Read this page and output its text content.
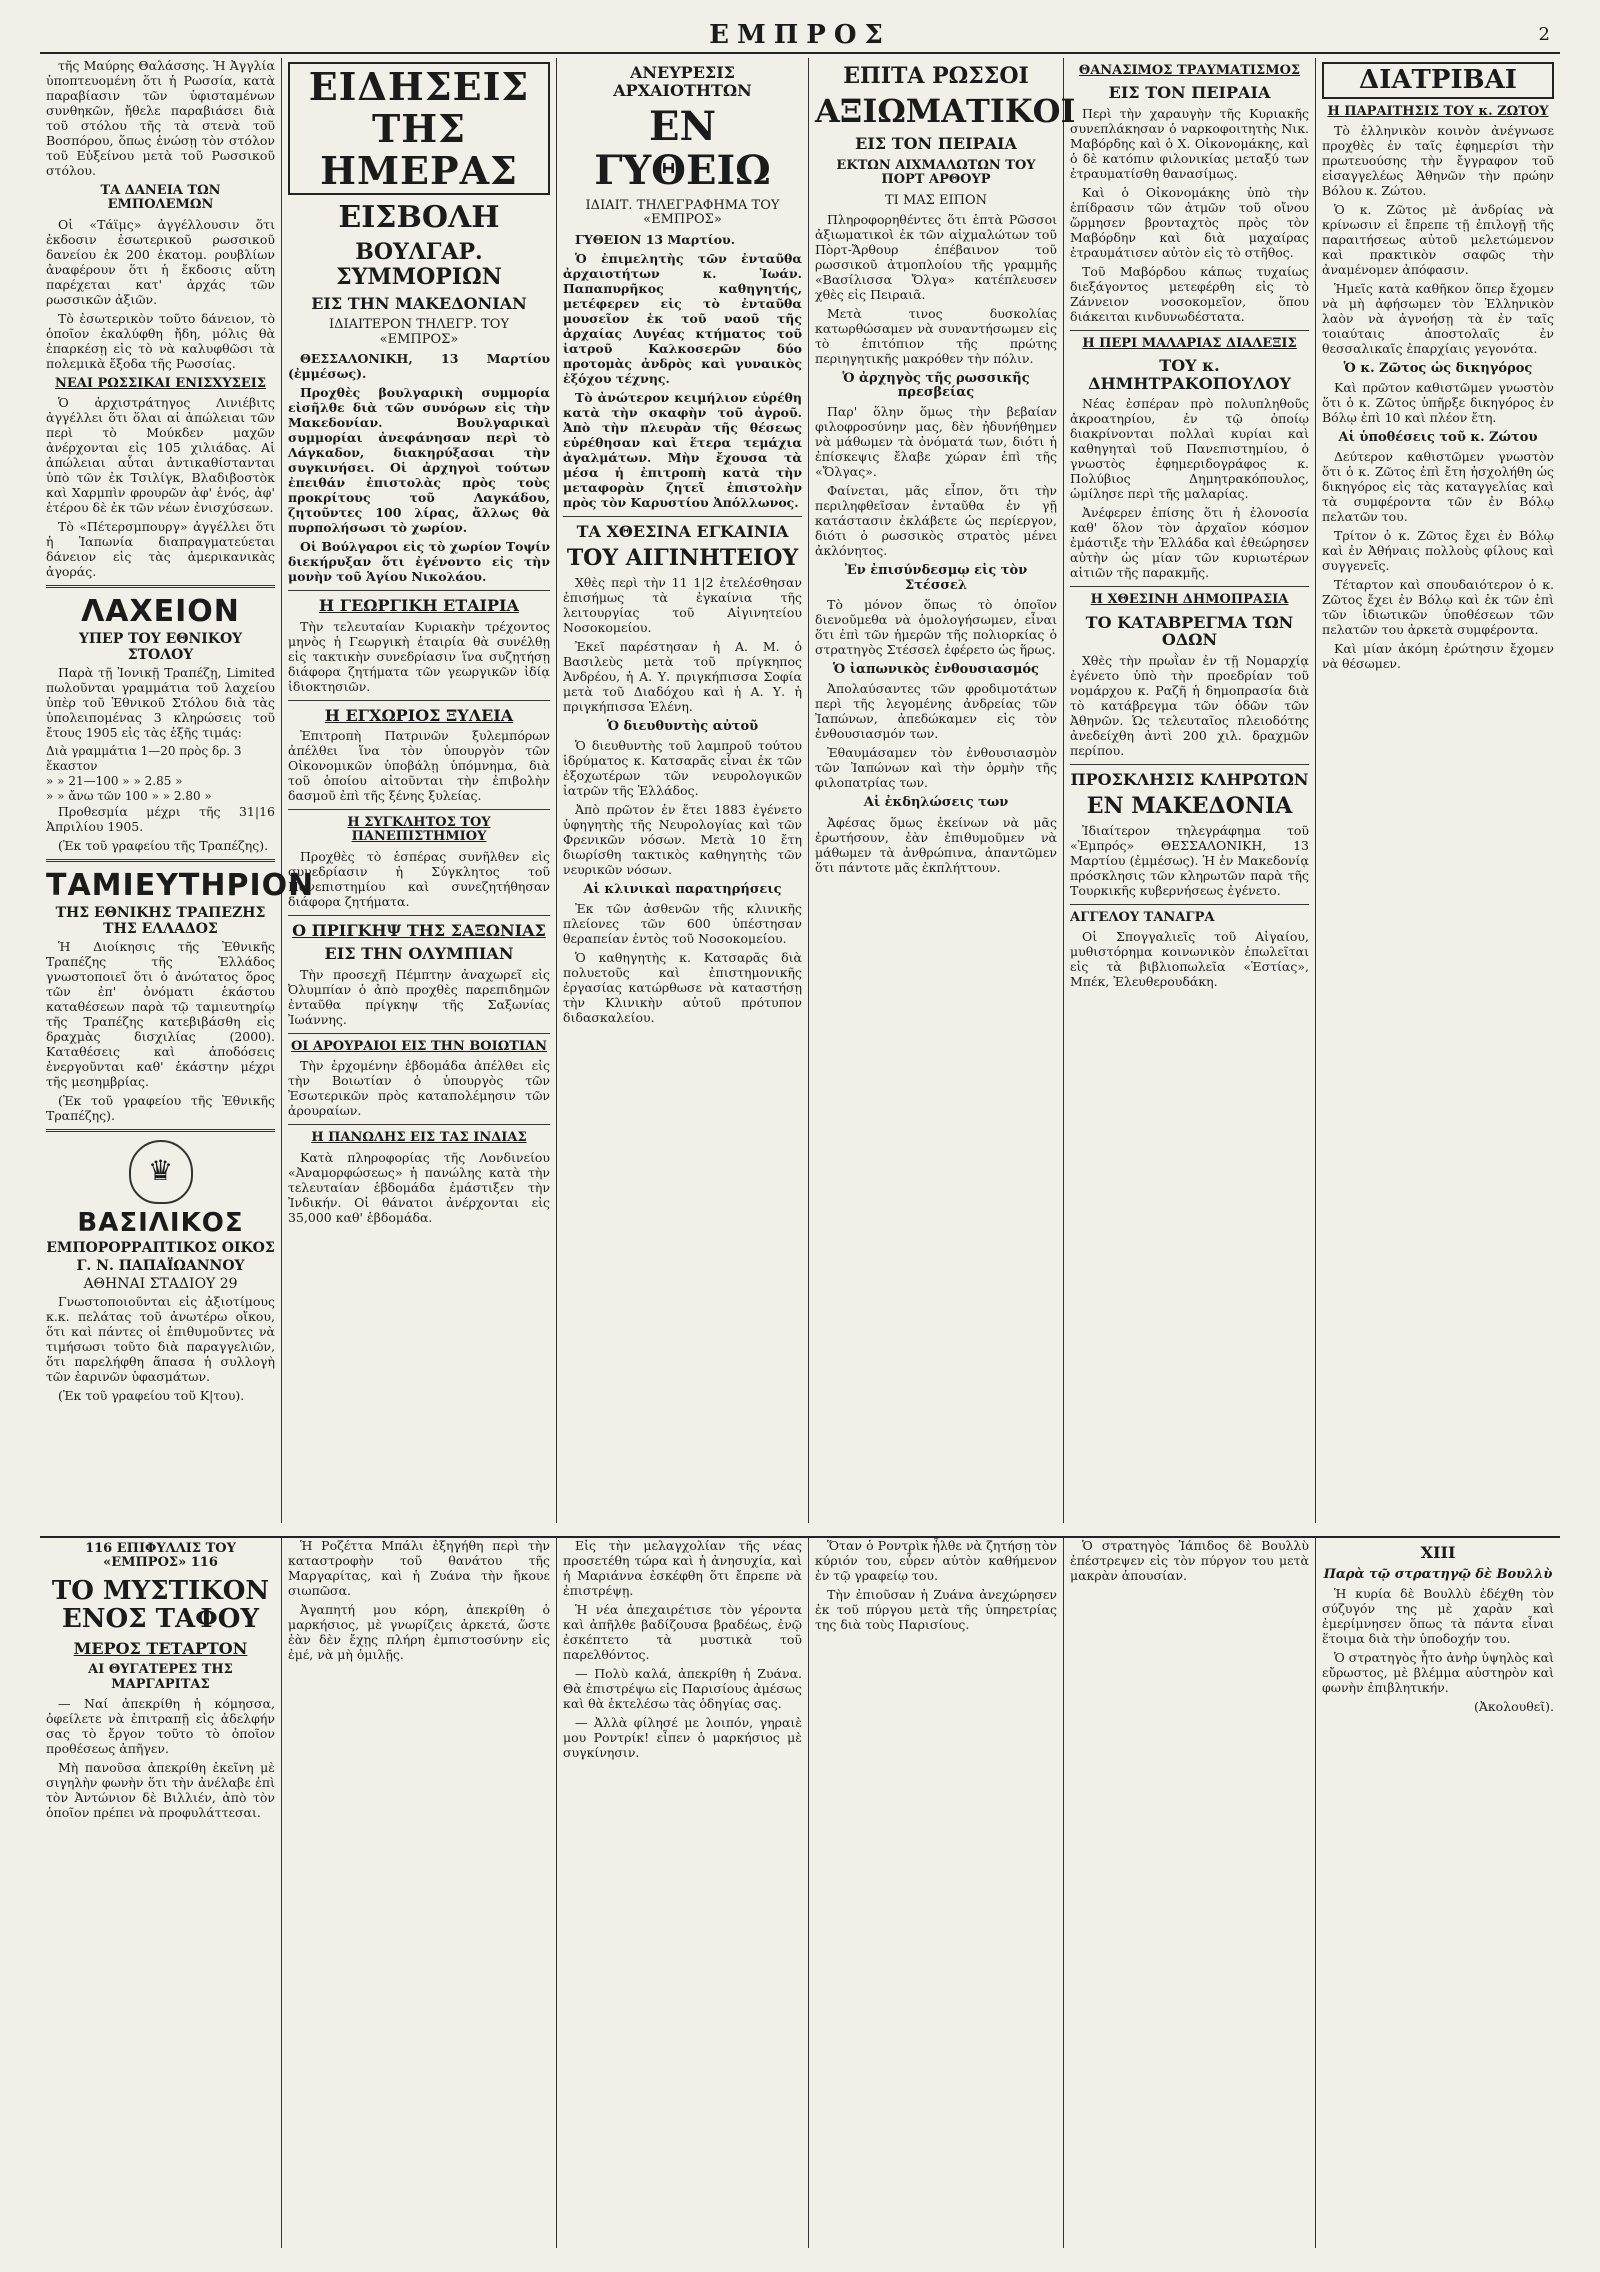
ΕΜΠΡΟΣ	2

τῆς Μαύρης Θαλάσσης. Ἡ Ἀγγλία ὑποπτευομένη ὅτι ἡ Ρωσσία, κατὰ παραβίασιν τῶν ὑφισταμένων συνθηκῶν, ἤθελε παραβιάσει διὰ τοῦ στόλου τῆς τὰ στενὰ τοῦ Βοσπόρου, ὅπως ἑνώσῃ τὸν στόλον τοῦ Εὐξείνου μετὰ τοῦ Ρωσσικοῦ στόλου.

ΤΑ ΔΑΝΕΙΑ ΤΩΝ ΕΜΠΟΛΕΜΩΝ

Οἱ «Τάϊμς» ἀγγέλλουσιν ὅτι ἐκδοσιν ἐσωτερικοῦ ρωσσικοῦ δανείου ἐκ 200 ἑκατομ. ρουβλίων ἀναφέρουν ὅτι ἡ ἔκδοσις αὕτη παρέχεται κατ' ἀρχάς τῶν ρωσσικῶν ἀξιῶν.

Τὸ ἐσωτερικὸν τοῦτο δάνειον, τὸ ὁποῖον ἐκαλύφθη ἤδη, μόλις θὰ ἐπαρκέσῃ εἰς τὸ νὰ καλυφθῶσι τὰ πολεμικὰ ἔξοδα τῆς Ρωσσίας.

ΝΕΑΙ ΡΩΣΣΙΚΑΙ ΕΝΙΣΧΥΣΕΙΣ

Ὁ ἀρχιστράτηγος Λινιέβιτς ἀγγέλλει ὅτι ὅλαι αἱ ἀπώλειαι τῶν περὶ τὸ Μούκδεν μαχῶν ἀνέρχονται εἰς 105 χιλιάδας. Αἱ ἀπώλειαι αὗται ἀντικαθίστανται ὑπὸ τῶν ἐκ Τσιλίγκ, Βλαδιβοστὸκ καὶ Χαρμπὶν φρουρῶν ἀφ' ἑνός, ἀφ' ἑτέρου δὲ ἐκ τῶν νέων ἐνισχύσεων.

Τὸ «Πέτερσμπουργ» ἀγγέλλει ὅτι ἡ Ἰαπωνία διαπραγματεύεται δάνειον εἰς τὰς ἀμερικανικὰς ἀγοράς.

ΛΑΧΕΙΟΝ
ΥΠΕΡ ΤΟΥ ΕΘΝΙΚΟΥ ΣΤΟΛΟΥ

Παρὰ τῇ Ἰονικῇ Τραπέζῃ, Limited πωλοῦνται γραμμάτια τοῦ λαχείου ὑπὲρ τοῦ Ἐθνικοῦ Στόλου διὰ τὰς ὑπολειπομένας 3 κληρώσεις τοῦ ἔτους 1905 εἰς τὰς ἑξῆς τιμάς:

Διὰ γραμμάτια 1—20 πρὸς δρ. 3 ἕκαστον
» » 21—100 » » 2.85 »
» » ἄνω τῶν 100 » » 2.80 »

Προθεσμία μέχρι τῆς 31|16 Ἀπριλίου 1905.

(Ἐκ τοῦ γραφείου τῆς Τραπέζης).

ΤΑΜΙΕΥΤΗΡΙΟΝ
ΤΗΣ ΕΘΝΙΚΗΣ ΤΡΑΠΕΖΗΣ ΤΗΣ ΕΛΛΑΔΟΣ

Ἡ Διοίκησις τῆς Ἐθνικῆς Τραπέζης τῆς Ἑλλάδος γνωστοποιεῖ ὅτι ὁ ἀνώτατος ὅρος τῶν ἐπ' ὀνόματι ἑκάστου καταθέσεων παρὰ τῷ ταμιευτηρίῳ τῆς Τραπέζης κατεβιβάσθη εἰς δραχμὰς δισχιλίας (2000). Καταθέσεις καὶ ἀποδόσεις ἐνεργοῦνται καθ' ἑκάστην μέχρι τῆς μεσημβρίας.

(Ἐκ τοῦ γραφείου τῆς Ἐθνικῆς Τραπέζης).

♛
ΒΑΣΙΛΙΚΟΣ
ΕΜΠΟΡΟΡΡΑΠΤΙΚΟΣ ΟΙΚΟΣ
Γ. Ν. ΠΑΠΑΪΩΑΝΝΟΥ
ΑΘΗΝΑΙ ΣΤΑΔΙΟΥ 29

Γνωστοποιοῦνται εἰς ἀξιοτίμους κ.κ. πελάτας τοῦ ἀνωτέρω οἴκου, ὅτι καὶ πάντες οἱ ἐπιθυμοῦντες νὰ τιμήσωσι τοῦτο διὰ παραγγελιῶν, ὅτι παρελήφθη ἅπασα ἡ συλλογὴ τῶν ἐαρινῶν ὑφασμάτων.

(Ἐκ τοῦ γραφείου τοῦ Κ|του).

ΕΙΔΗΣΕΙΣ ΤΗΣ ΗΜΕΡΑΣ
ΕΙΣΒΟΛΗ
ΒΟΥΛΓΑΡ. ΣΥΜΜΟΡΙΩΝ
ΕΙΣ ΤΗΝ ΜΑΚΕΔΟΝΙΑΝ
ΙΔΙΑΙΤΕΡΟΝ ΤΗΛΕΓΡ. ΤΟΥ «ΕΜΠΡΟΣ»

ΘΕΣΣΑΛΟΝΙΚΗ, 13 Μαρτίου (ἐμμέσως).

Προχθὲς βουλγαρικὴ συμμορία εἰσῆλθε διὰ τῶν συνόρων εἰς τὴν Μακεδονίαν. Βουλγαρικαὶ συμμορίαι ἀνεφάνησαν περὶ τὸ Λάγκαδον, διακηρύξασαι τὴν συγκινήσει. Οἱ ἀρχηγοὶ τούτων ἐπειθάν ἐπιστολὰς πρὸς τοὺς προκρίτους τοῦ Λαγκάδου, ζητοῦντες 100 λίρας, ἄλλως θὰ πυρπολήσωσι τὸ χωρίον.

Οἱ Βούλγαροι εἰς τὸ χωρίον Τοψίν διεκήρυξαν ὅτι ἐγένοντο εἰς τὴν μονὴν τοῦ Ἁγίου Νικολάου.

Η ΓΕΩΡΓΙΚΗ ΕΤΑΙΡΙΑ

Τὴν τελευταίαν Κυριακὴν τρέχοντος μηνὸς ἡ Γεωργικὴ ἑταιρία θὰ συνέλθῃ εἰς τακτικὴν συνεδρίασιν ἵνα συζητήσῃ διάφορα ζητήματα τῶν γεωργικῶν ἰδίᾳ ἰδιοκτησιῶν.

Η ΕΓΧΩΡΙΟΣ ΞΥΛΕΙΑ

Ἐπιτροπὴ Πατρινῶν ξυλεμπόρων ἀπέλθει ἵνα τὸν ὑπουργὸν τῶν Οἰκονομικῶν ὑποβάλῃ ὑπόμνημα, διὰ τοῦ ὁποίου αἰτοῦνται τὴν ἐπιβολὴν δασμοῦ ἐπὶ τῆς ξένης ξυλείας.

Η ΣΥΓΚΛΗΤΟΣ ΤΟΥ ΠΑΝΕΠΙΣΤΗΜΙΟΥ

Προχθὲς τὸ ἑσπέρας συνῆλθεν εἰς συνεδρίασιν ἡ Σύγκλητος τοῦ Πανεπιστημίου καὶ συνεζητήθησαν διάφορα ζητήματα.

Ο ΠΡΙΓΚΗΨ ΤΗΣ ΣΑΞΩΝΙΑΣ
ΕΙΣ ΤΗΝ ΟΛΥΜΠΙΑΝ

Τὴν προσεχῆ Πέμπτην ἀναχωρεῖ εἰς Ὀλυμπίαν ὁ ἀπὸ προχθὲς παρεπιδημῶν ἐνταῦθα πρίγκηψ τῆς Σαξωνίας Ἰωάννης.

ΟΙ ΑΡΟΥΡΑΙΟΙ ΕΙΣ ΤΗΝ ΒΟΙΩΤΙΑΝ

Τὴν ἐρχομένην ἑβδομάδα ἀπέλθει εἰς τὴν Βοιωτίαν ὁ ὑπουργὸς τῶν Ἐσωτερικῶν πρὸς καταπολέμησιν τῶν ἀρουραίων.

Η ΠΑΝΩΛΗΣ ΕΙΣ ΤΑΣ ΙΝΔΙΑΣ

Κατὰ πληροφορίας τῆς Λονδινείου «Ἀναμορφώσεως» ἡ πανώλης κατὰ τὴν τελευταίαν ἑβδομάδα ἐμάστιξεν τὴν Ἰνδικήν. Οἱ θάνατοι ἀνέρχονται εἰς 35,000 καθ' ἑβδομάδα.

ΑΝΕΥΡΕΣΙΣ ΑΡΧΑΙΟΤΗΤΩΝ
ΕΝ ΓΥΘΕΙΩ
ΙΔΙΑΙΤ. ΤΗΛΕΓΡΑΦΗΜΑ ΤΟΥ «ΕΜΠΡΟΣ»

ΓΥΘΕΙΟΝ 13 Μαρτίου.

Ὁ ἐπιμελητὴς τῶν ἐνταῦθα ἀρχαιοτήτων κ. Ἰωάν. Παπαπυρῆκος καθηγητής, μετέφερεν εἰς τὸ ἐνταῦθα μουσεῖον ἐκ τοῦ ναοῦ τῆς ἀρχαίας Λυγέας κτήματος τοῦ ἰατροῦ Καλκοσερῶν δύο προτομὰς ἀνδρὸς καὶ γυναικὸς ἐξόχου τέχνης.

Τὸ ἀνώτερον κειμήλιον εὑρέθη κατὰ τὴν σκαφὴν τοῦ ἀγροῦ. Ἀπὸ τὴν πλευρὰν τῆς θέσεως εὑρέθησαν καὶ ἕτερα τεμάχια ἀγαλμάτων. Μὴν ἔχουσα τὰ μέσα ἡ ἐπιτροπὴ κατὰ τὴν μεταφορὰν ζητεῖ ἐπιστολὴν πρὸς τὸν Καρυστίου Ἀπόλλωνος.

ΤΑ ΧΘΕΣΙΝΑ ΕΓΚΑΙΝΙΑ
ΤΟΥ ΑΙΓΙΝΗΤΕΙΟΥ

Χθὲς περὶ τὴν 11 1|2 ἐτελέσθησαν ἐπισήμως τὰ ἐγκαίνια τῆς λειτουργίας τοῦ Αἰγινητείου Νοσοκομείου.

Ἐκεῖ παρέστησαν ἡ Α. Μ. ὁ Βασιλεὺς μετὰ τοῦ πρίγκηπος Ἀνδρέου, ἡ Α. Υ. πριγκήπισσα Σοφία μετὰ τοῦ Διαδόχου καὶ ἡ Α. Υ. ἡ πριγκήπισσα Ἑλένη.

Ὁ διευθυντὴς αὐτοῦ

Ὁ διευθυντὴς τοῦ λαμπροῦ τούτου ἱδρύματος κ. Κατσαρᾶς εἶναι ἐκ τῶν ἐξοχωτέρων τῶν νευρολογικῶν ἰατρῶν τῆς Ἑλλάδος.

Ἀπὸ πρῶτον ἐν ἔτει 1883 ἐγένετο ὑφηγητὴς τῆς Νευρολογίας καὶ τῶν Φρενικῶν νόσων. Μετὰ 10 ἔτη διωρίσθη τακτικὸς καθηγητὴς τῶν νευρικῶν νόσων.

Αἱ κλινικαὶ παρατηρήσεις

Ἐκ τῶν ἀσθενῶν τῆς κλινικῆς πλείονες τῶν 600 ὑπέστησαν θεραπείαν ἐντὸς τοῦ Νοσοκομείου.

Ὁ καθηγητὴς κ. Κατσαρᾶς διὰ πολυετοῦς καὶ ἐπιστημονικῆς ἐργασίας κατώρθωσε νὰ καταστήσῃ τὴν Κλινικὴν αὐτοῦ πρότυπον διδασκαλείου.

ΕΠΙΤΑ ΡΩΣΣΟΙ
ΑΞΙΩΜΑΤΙΚΟΙ
ΕΙΣ ΤΟΝ ΠΕΙΡΑΙΑ
ΕΚΤΩΝ ΑΙΧΜΑΛΩΤΩΝ ΤΟΥ ΠΟΡΤ ΑΡΘΟΥΡ
ΤΙ ΜΑΣ ΕΙΠΟΝ

Πληροφορηθέντες ὅτι ἑπτὰ Ρῶσσοι ἀξιωματικοὶ ἐκ τῶν αἰχμαλώτων τοῦ Πὸρτ-Ἄρθουρ ἐπέβαινον τοῦ ρωσσικοῦ ἀτμοπλοίου τῆς γραμμῆς «Βασίλισσα Ὄλγα» κατέπλευσεν χθὲς εἰς Πειραιᾶ.

Μετὰ τινος δυσκολίας κατωρθώσαμεν νὰ συναντήσωμεν εἰς τὸ ἐπιτόπιον τῆς πρώτης περιηγητικῆς μακρόθεν τὴν πόλιν.

Ὁ ἀρχηγὸς τῆς ρωσσικῆς πρεσβείας

Παρ' ὅλην ὅμως τὴν βεβαίαν φιλοφροσύνην μας, δὲν ἠδυνήθημεν νὰ μάθωμεν τὰ ὀνόματά των, διότι ἡ ἐπίσκεψις ἔλαβε χώραν ἐπὶ τῆς «Ὄλγας».

Φαίνεται, μᾶς εἶπον, ὅτι τὴν περιληφθεῖσαν ἐνταῦθα ἐν γῇ κατάστασιν ἐκλάβετε ὡς περίεργον, διότι ὁ ρωσσικὸς στρατὸς μένει ἀκλόνητος.

Ἐν ἐπισύνδεσμῳ εἰς τὸν Στέσσελ

Τὸ μόνον ὅπως τὸ ὁποῖον διενοῦμεθα νὰ ὁμολογήσωμεν, εἶναι ὅτι ἐπὶ τῶν ἡμερῶν τῆς πολιορκίας ὁ στρατηγὸς Στέσσελ ἐφέρετο ὡς ἥρως.

Ὁ ἰαπωνικὸς ἐνθουσιασμός

Ἀπολαύσαντες τῶν φροδιμοτάτων περὶ τῆς λεγομένης ἀνδρείας τῶν Ἰαπώνων, ἀπεδώκαμεν εἰς τὸν ἐνθουσιασμόν των.

Ἐθαυμάσαμεν τὸν ἐνθουσιασμὸν τῶν Ἰαπώνων καὶ τὴν ὁρμὴν τῆς φιλοπατρίας των.

Αἱ ἐκδηλώσεις των

Ἀφέσας ὅμως ἐκείνων νὰ μᾶς ἐρωτήσουν, ἐὰν ἐπιθυμοῦμεν νὰ μάθωμεν τὰ ἀνθρώπινα, ἀπαντῶμεν ὅτι πάντοτε μᾶς ἐκπλήττουν.

ΘΑΝΑΣΙΜΟΣ ΤΡΑΥΜΑΤΙΣΜΟΣ
ΕΙΣ ΤΟΝ ΠΕΙΡΑΙΑ

Περὶ τὴν χαραυγὴν τῆς Κυριακῆς συνεπλάκησαν ὁ ναρκοφοιτητὴς Νικ. Μαβόρδης καὶ ὁ Χ. Οἰκονομάκης, καὶ ὁ δὲ κατόπιν φιλονικίας μεταξύ των ἐτραυματίσθη θανασίμως.

Καὶ ὁ Οἰκονομάκης ὑπὸ τὴν ἐπίδρασιν τῶν ἀτμῶν τοῦ οἴνου ὥρμησεν βρονταχτὸς πρὸς τὸν Μαβόρδην καὶ διὰ μαχαίρας ἐτραυμάτισεν αὐτὸν εἰς τὸ στῆθος.

Τοῦ Μαβόρδου κάπως τυχαίως διεξάγοντος μετεφέρθη εἰς τὸ Ζάννειον νοσοκομεῖον, ὅπου διάκειται κινδυνωδέστατα.

Η ΠΕΡΙ ΜΑΛΑΡΙΑΣ ΔΙΑΛΕΞΙΣ
ΤΟΥ κ. ΔΗΜΗΤΡΑΚΟΠΟΥΛΟΥ

Νέας ἐσπέραν πρὸ πολυπληθοῦς ἀκροατηρίου, ἐν τῷ ὁποίῳ διακρίνονται πολλαὶ κυρίαι καὶ καθηγηταὶ τοῦ Πανεπιστημίου, ὁ γνωστὸς ἐφημεριδογράφος κ. Πολύβιος Δημητρακόπουλος, ὡμίλησε περὶ τῆς μαλαρίας.

Ἀνέφερεν ἐπίσης ὅτι ἡ ἐλονοσία καθ' ὅλον τὸν ἀρχαῖον κόσμον ἐμάστιξε τὴν Ἑλλάδα καὶ ἐθεώρησεν αὐτὴν ὡς μίαν τῶν κυριωτέρων αἰτιῶν τῆς παρακμῆς.

Η ΧΘΕΣΙΝΗ ΔΗΜΟΠΡΑΣΙΑ
ΤΟ ΚΑΤΑΒΡΕΓΜΑ ΤΩΝ ΟΔΩΝ

Χθὲς τὴν πρωῒαν ἐν τῇ Νομαρχίᾳ ἐγένετο ὑπὸ τὴν προεδρίαν τοῦ νομάρχου κ. Ραζῆ ἡ δημοπρασία διὰ τὸ κατάβρεγμα τῶν ὁδῶν τῶν Ἀθηνῶν. Ὡς τελευταῖος πλειοδότης ἀνεδείχθη ἀντὶ 200 χιλ. δραχμῶν περίπου.

ΠΡΟΣΚΛΗΣΙΣ ΚΛΗΡΩΤΩΝ
ΕΝ ΜΑΚΕΔΟΝΙΑ

Ἰδιαίτερον τηλεγράφημα τοῦ «Ἐμπρός» ΘΕΣΣΑΛΟΝΙΚΗ, 13 Μαρτίου (ἐμμέσως). Ἡ ἐν Μακεδονίᾳ πρόσκλησις τῶν κληρωτῶν παρὰ τῆς Τουρκικῆς κυβερνήσεως ἐγένετο.

ΑΓΓΕΛΟΥ ΤΑΝΑΓΡΑ

Οἱ Σπογγαλιεῖς τοῦ Αἰγαίου, μυθιστόρημα κοινωνικὸν ἐπωλεῖται εἰς τὰ βιβλιοπωλεῖα «Ἑστίας», Μπέκ, Ἐλευθερουδάκη.

ΔΙΑΤΡΙΒΑΙ
Η ΠΑΡΑΙΤΗΣΙΣ ΤΟΥ κ. ΖΩΤΟΥ

Τὸ ἑλληνικὸν κοινὸν ἀνέγνωσε προχθὲς ἐν ταῖς ἐφημερίσι τὴν πρωτευούσης τὴν ἔγγραφον τοῦ εἰσαγγελέως Ἀθηνῶν τὴν πρώην Βόλου κ. Ζώτου.

Ὁ κ. Ζῶτος μὲ ἀνδρίας νὰ κρίνωσιν εἰ ἔπρεπε τῇ ἐπιλογῇ τῆς παραιτήσεως αὐτοῦ μελετώμενον καὶ πρακτικὸν σαφῶς τὴν ἀναμένομεν ἀπόφασιν.

Ἡμεῖς κατὰ καθῆκον ὅπερ ἔχομεν νὰ μὴ ἀφήσωμεν τὸν Ἑλληνικὸν λαὸν νὰ ἀγνοήσῃ τὰ ἐν ταῖς τοιαύταις ἀποστολαῖς ἐν θεσσαλικαῖς ἐπαρχίαις γεγονότα.

Ὁ κ. Ζῶτος ὡς δικηγόρος

Καὶ πρῶτον καθιστῶμεν γνωστὸν ὅτι ὁ κ. Ζῶτος ὑπῆρξε δικηγόρος ἐν Βόλῳ ἐπὶ 10 καὶ πλέον ἔτη.

Αἱ ὑποθέσεις τοῦ κ. Ζώτου

Δεύτερον καθιστῶμεν γνωστὸν ὅτι ὁ κ. Ζῶτος ἐπὶ ἔτη ἠσχολήθη ὡς δικηγόρος εἰς τὰς καταγγελίας καὶ τὰ συμφέροντα τῶν ἐν Βόλῳ πελατῶν του.

Τρίτον ὁ κ. Ζῶτος ἔχει ἐν Βόλῳ καὶ ἐν Ἀθήναις πολλοὺς φίλους καὶ συγγενεῖς.

Τέταρτον καὶ σπουδαιότερον ὁ κ. Ζῶτος ἔχει ἐν Βόλῳ καὶ ἐκ τῶν ἐπὶ τῶν ἰδιωτικῶν ὑποθέσεων τῶν πελατῶν του ἀρκετὰ συμφέροντα.

Καὶ μίαν ἀκόμη ἐρώτησιν ἔχομεν νὰ θέσωμεν.

116 ΕΠΙΦΥΛΛΙΣ ΤΟΥ «ΕΜΠΡΟΣ» 116
ΤΟ ΜΥΣΤΙΚΟΝ ΕΝΟΣ ΤΑΦΟΥ
ΜΕΡΟΣ ΤΕΤΑΡΤΟΝ
ΑΙ ΘΥΓΑΤΕΡΕΣ ΤΗΣ ΜΑΡΓΑΡΙΤΑΣ

— Ναί ἀπεκρίθη ἡ κόμησσα, ὀφείλετε νὰ ἐπιτραπῇ εἰς ἀδελφήν σας τὸ ἔργον τοῦτο τὸ ὁποῖον προθέσεως ἀπῆγεν.

Μὴ πανοῦσα ἀπεκρίθη ἐκεῖνη μὲ σιγηλὴν φωνὴν ὅτι τὴν ἀνέλαβε ἐπὶ τὸν Ἀντώνιον δὲ Βιλλιέν, ἀπὸ τὸν ὁποῖον πρέπει νὰ προφυλάττεσαι.

Ἡ Ροζέττα Μπάλι ἐξηγήθη περὶ τὴν καταστροφὴν τοῦ θανάτου τῆς Μαργαρίτας, καὶ ἡ Ζυάνα τὴν ἤκουε σιωπῶσα.

Ἀγαπητή μου κόρη, ἀπεκρίθη ὁ μαρκήσιος, μὲ γνωρίζεις ἀρκετά, ὥστε ἐὰν δὲν ἔχῃς πλήρη ἐμπιστοσύνην εἰς ἐμέ, νὰ μὴ ὁμιλῇς.

Εἰς τὴν μελαγχολίαν τῆς νέας προσετέθη τώρα καὶ ἡ ἀνησυχία, καὶ ἡ Μαριάννα ἐσκέφθη ὅτι ἔπρεπε νὰ ἐπιστρέψῃ.

Ἡ νέα ἀπεχαιρέτισε τὸν γέροντα καὶ ἀπῆλθε βαδίζουσα βραδέως, ἐνῷ ἐσκέπτετο τὰ μυστικὰ τοῦ παρελθόντος.

— Πολὺ καλά, ἀπεκρίθη ἡ Ζυάνα. Θὰ ἐπιστρέψω εἰς Παρισίους ἀμέσως καὶ θὰ ἐκτελέσω τὰς ὁδηγίας σας.

— Ἀλλὰ φίλησέ με λοιπόν, γηραιὲ μου Ροντρίκ! εἶπεν ὁ μαρκήσιος μὲ συγκίνησιν.

Ὅταν ὁ Ροντρὶκ ἦλθε νὰ ζητήσῃ τὸν κύριόν του, εὗρεν αὐτὸν καθήμενον ἐν τῷ γραφείῳ του.

Τὴν ἐπιοῦσαν ἡ Ζυάνα ἀνεχώρησεν ἐκ τοῦ πύργου μετὰ τῆς ὑπηρετρίας της διὰ τοὺς Παρισίους.

Ὁ στρατηγὸς Ἰάπιδος δὲ Βουλλὺ ἐπέστρεψεν εἰς τὸν πύργον του μετὰ μακρὰν ἀπουσίαν.

XIII
Παρὰ τῷ στρατηγῷ δὲ Βουλλὺ

Ἡ κυρία δὲ Βουλλὺ ἐδέχθη τὸν σύζυγόν της μὲ χαρὰν καὶ ἐμερίμνησεν ὅπως τὰ πάντα εἶναι ἕτοιμα διὰ τὴν ὑποδοχήν του.

Ὁ στρατηγὸς ἦτο ἀνὴρ ὑψηλὸς καὶ εὔρωστος, μὲ βλέμμα αὐστηρὸν καὶ φωνὴν ἐπιβλητικήν.

(Ἀκολουθεῖ).
